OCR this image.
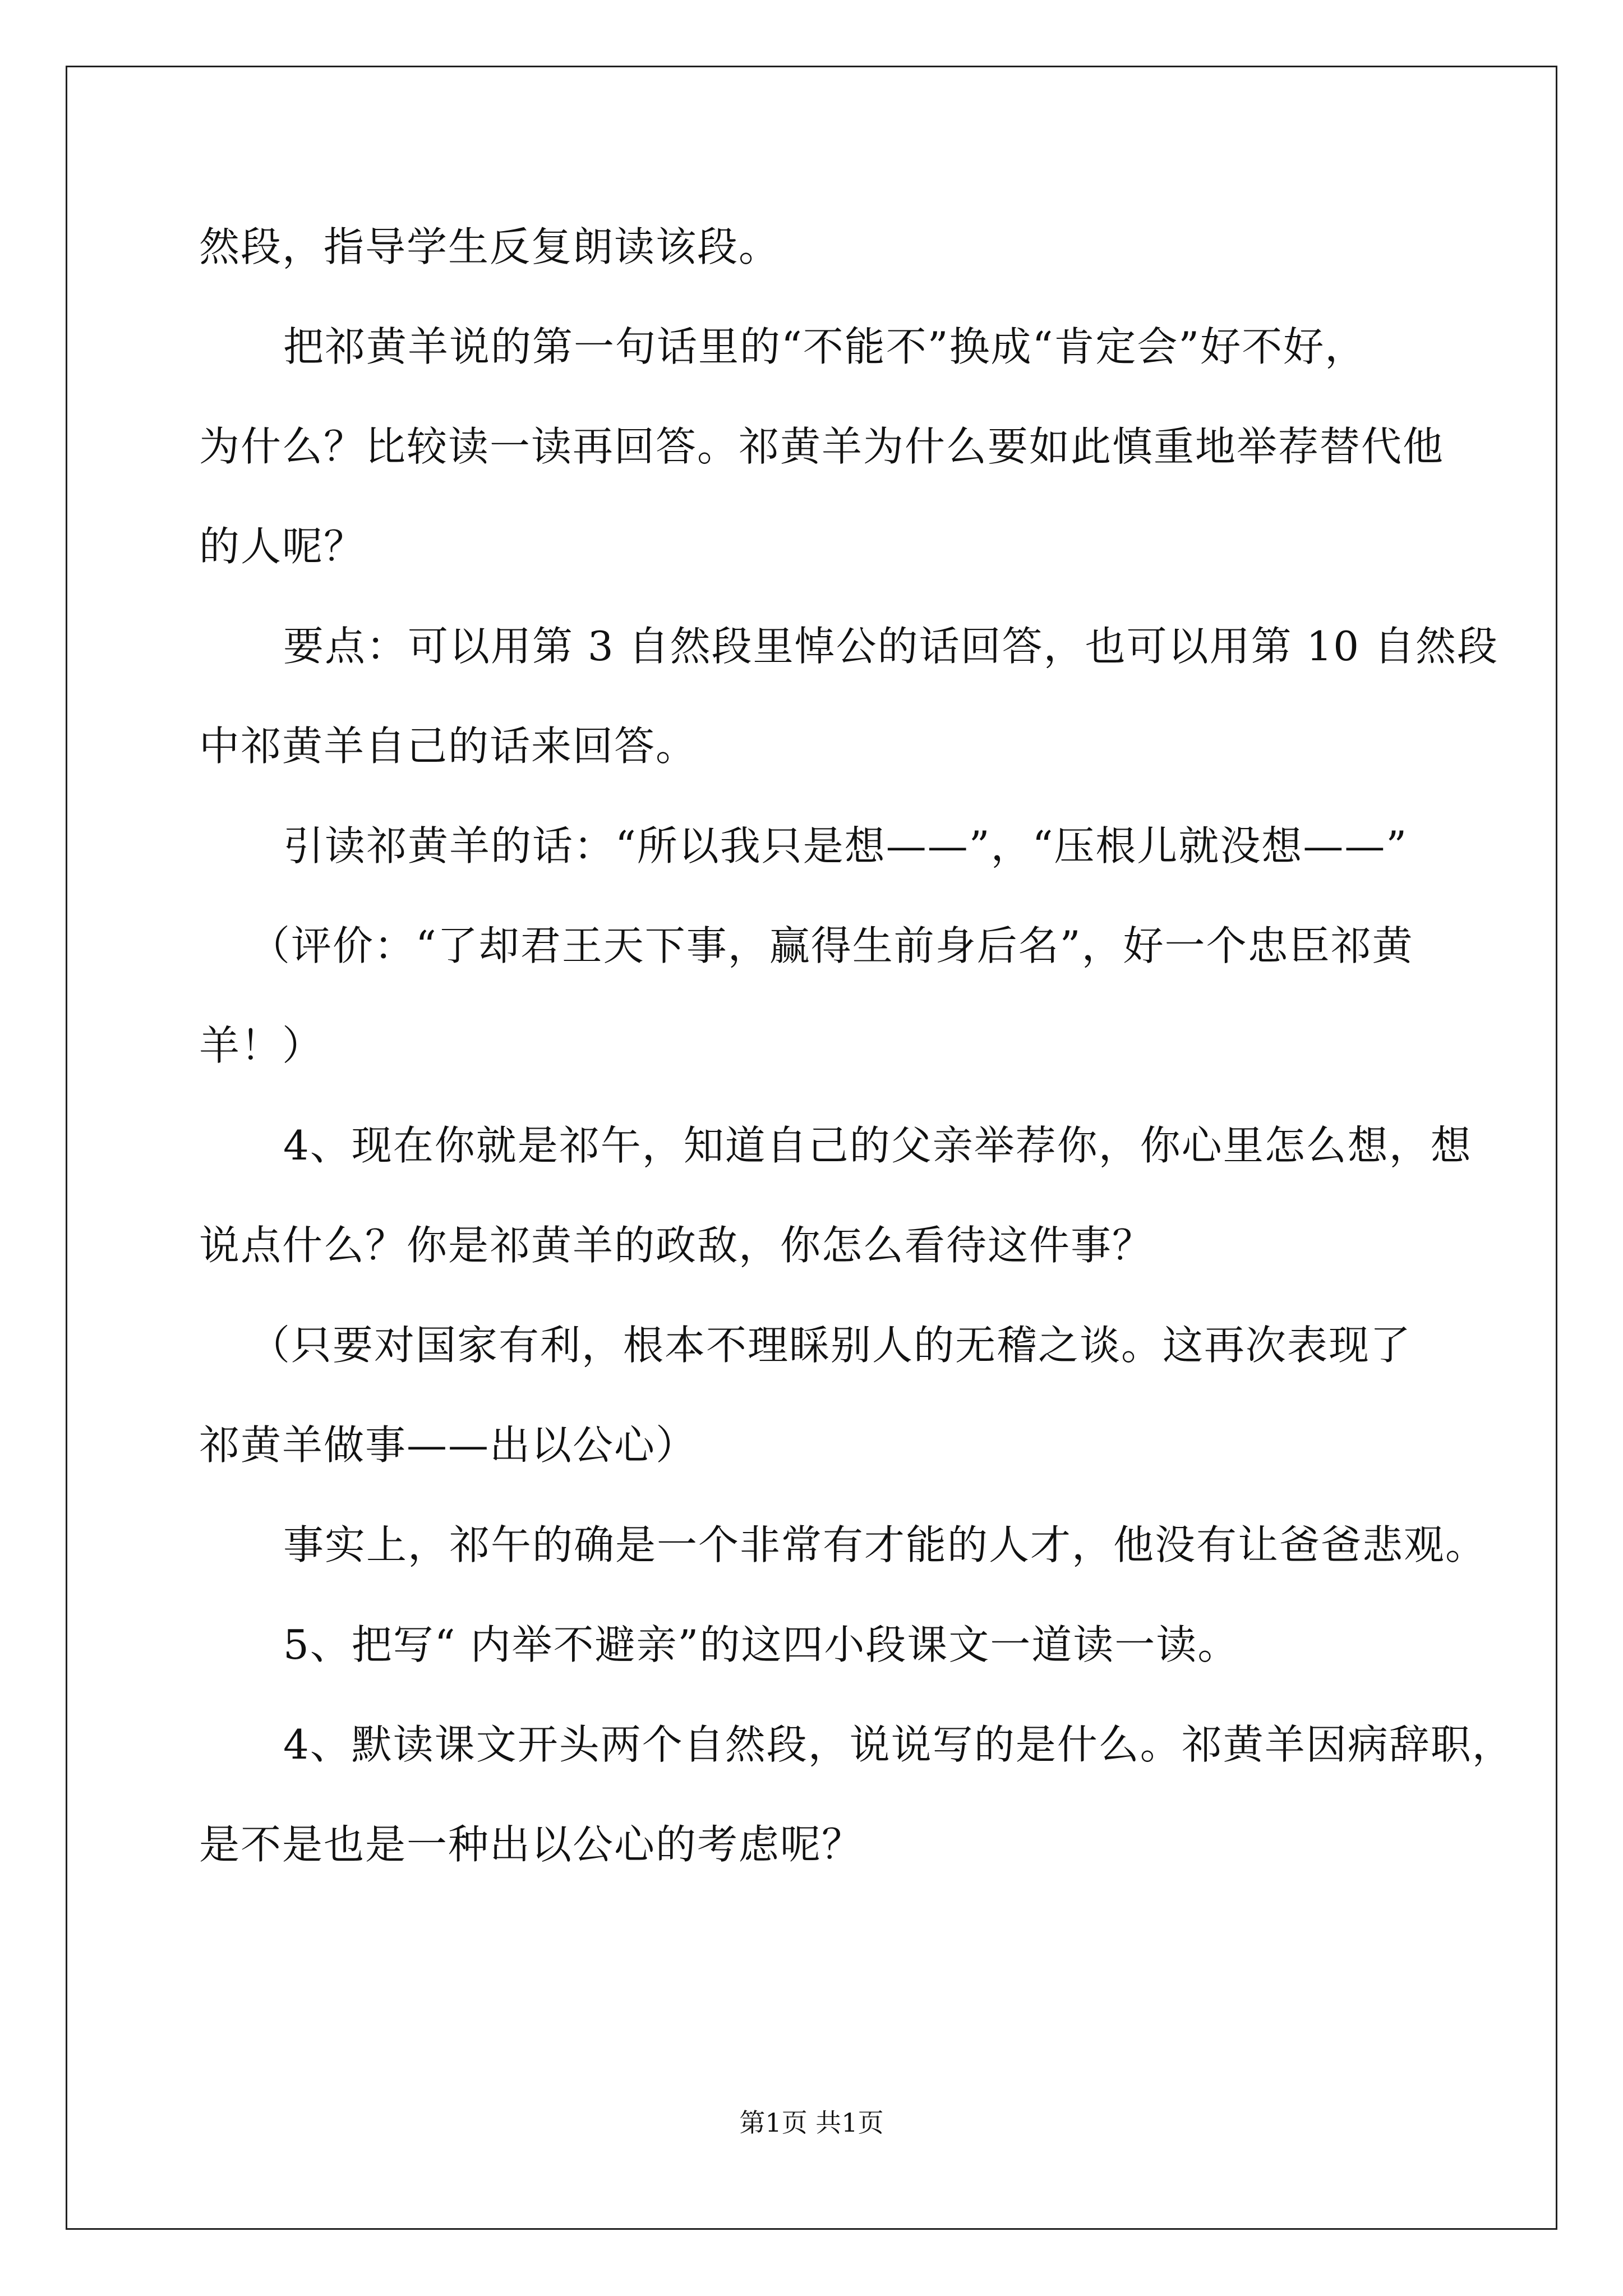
然段，指导学生反复朗读该段。
把祁黄羊说的第一句话里的“不能不”换成“肯定会”好不好，
为什么？比较读一读再回答。祁黄羊为什么要如此慎重地举荐替代他
的人呢？
要点：可以用第 3 自然段里悼公的话回答，也可以用第 10 自然段
中祁黄羊自己的话来回答。
引读祁黄羊的话：“所以我只是想——”，“压根儿就没想——”
（评价：“了却君王天下事，赢得生前身后名”，好一个忠臣祁黄
羊！）
4、现在你就是祁午，知道自己的父亲举荐你，你心里怎么想，想
说点什么？你是祁黄羊的政敌，你怎么看待这件事？
（只要对国家有利，根本不理睬别人的无稽之谈。这再次表现了
祁黄羊做事——出以公心）
事实上，祁午的确是一个非常有才能的人才，他没有让爸爸悲观。
5、把写“ 内举不避亲”的这四小段课文一道读一读。
4、默读课文开头两个自然段，说说写的是什么。祁黄羊因病辞职，
是不是也是一种出以公心的考虑呢？
第1页 共1页
